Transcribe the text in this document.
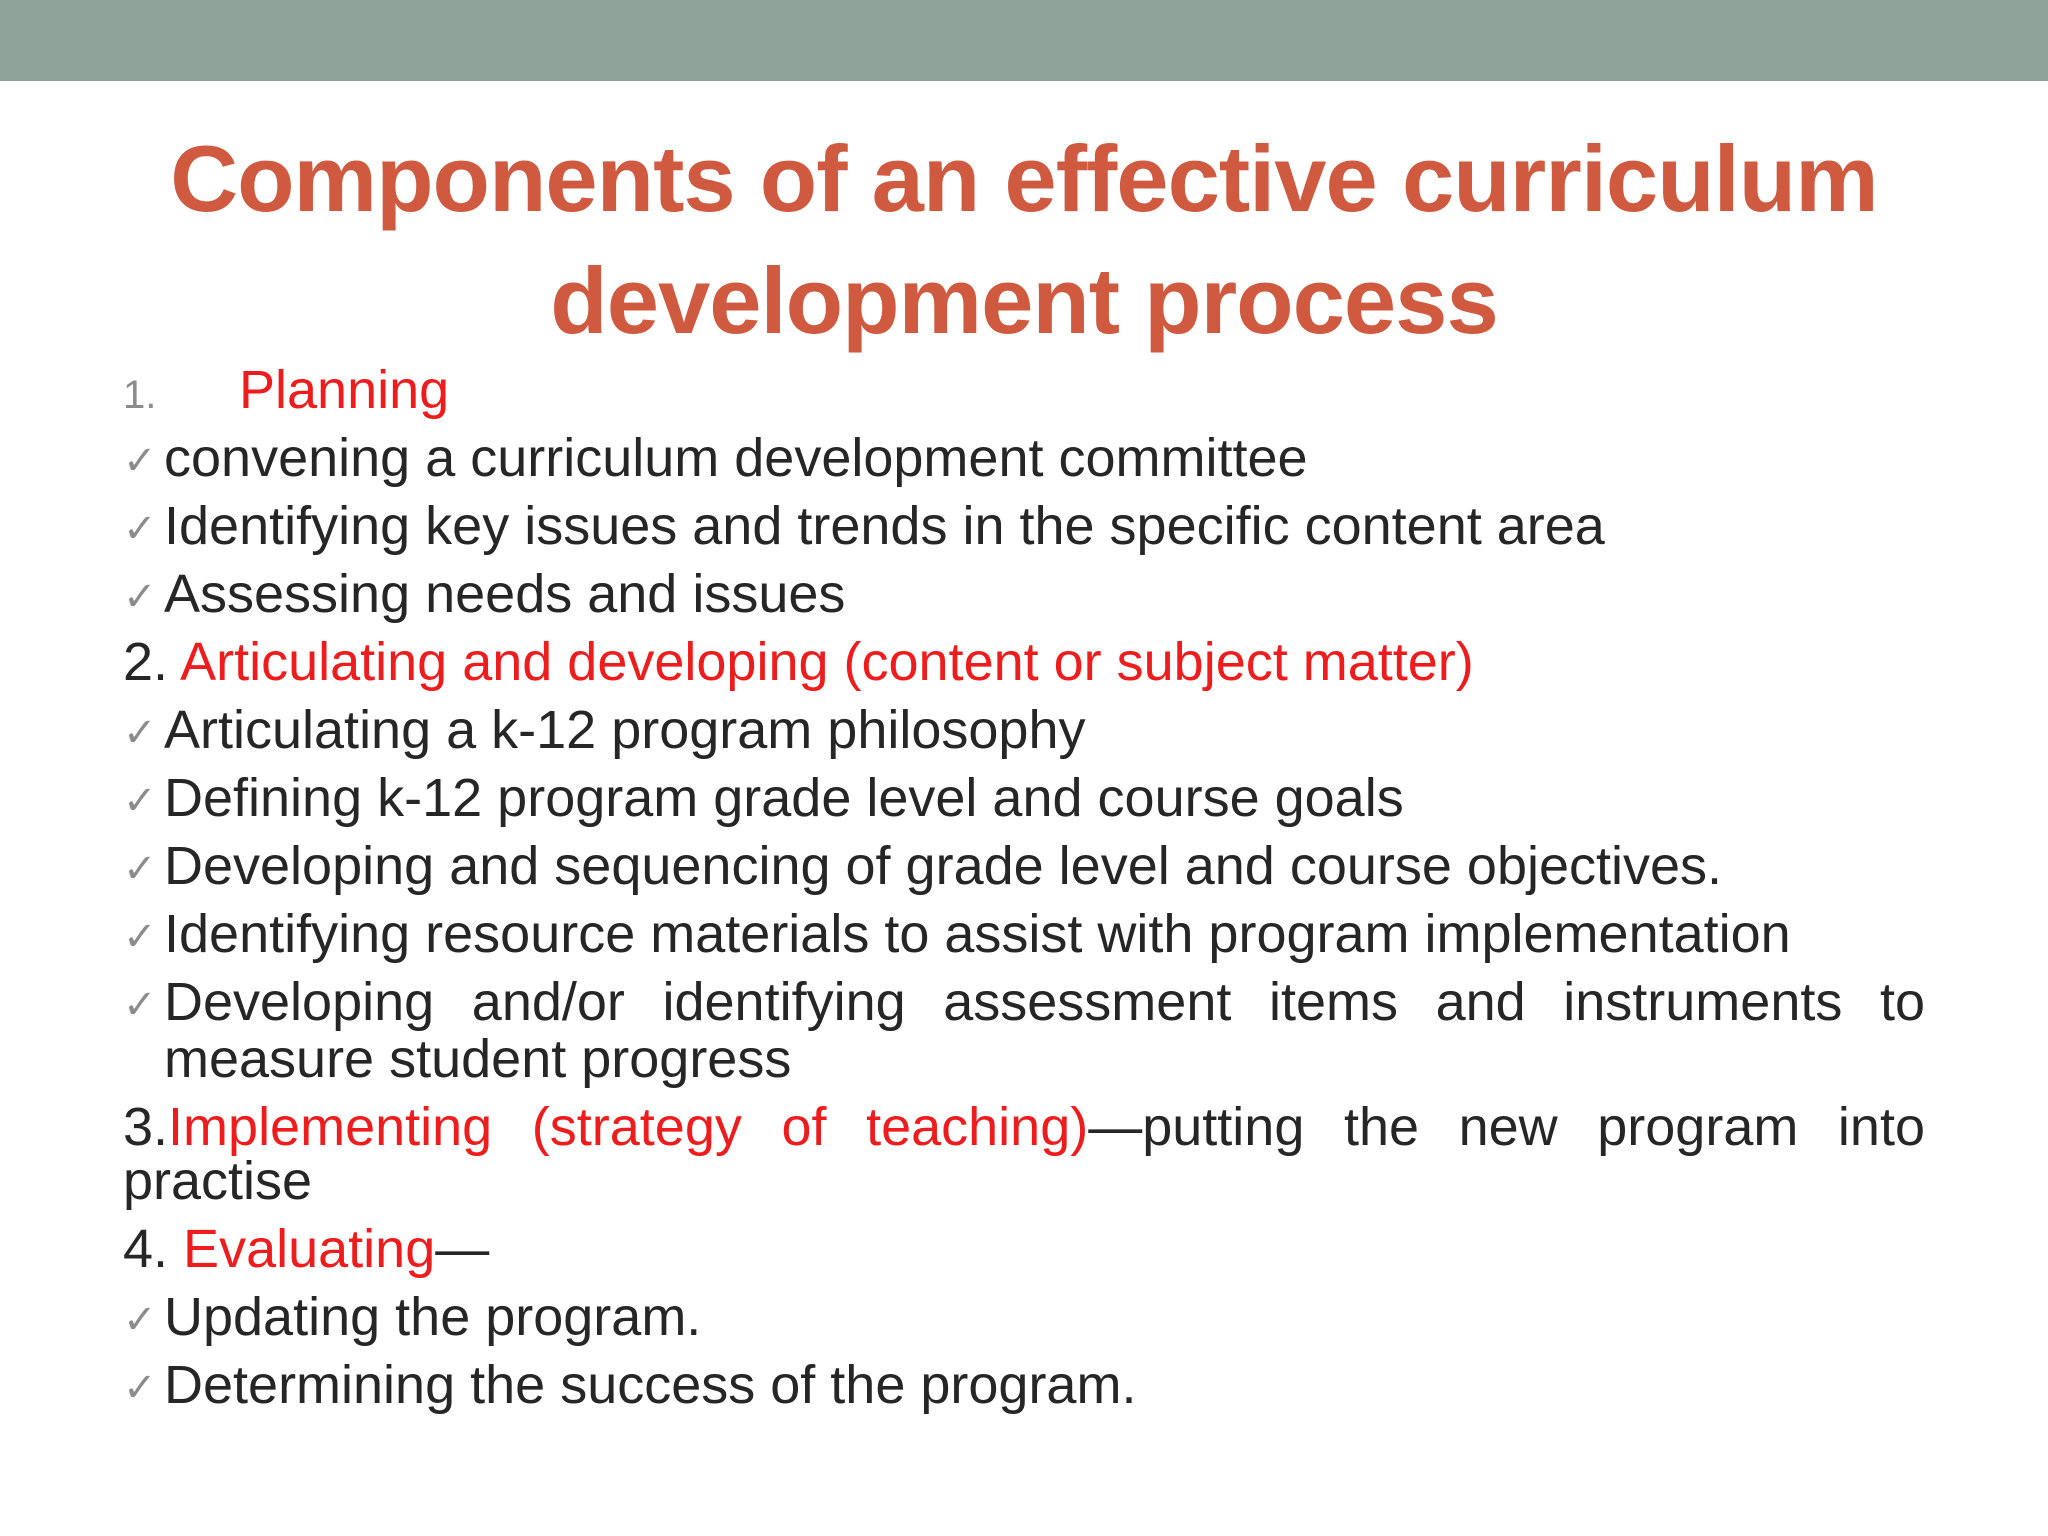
Components of an effective curriculum
development process
1. Planning
✓ convening a curriculum development committee
✓ Identifying key issues and trends in the specific content area
✓ Assessing needs and issues
2. Articulating and developing (content or subject matter)
✓ Articulating a k-12 program philosophy
✓ Defining k-12 program grade level and course goals
✓ Developing and sequencing of grade level and course objectives.
✓ Identifying resource materials to assist with program implementation
✓ Developing and/or identifying assessment items and instruments to measure student progress
3.Implementing (strategy of teaching)—putting the new program into practise
4. Evaluating—
✓ Updating the program.
✓ Determining the success of the program.
